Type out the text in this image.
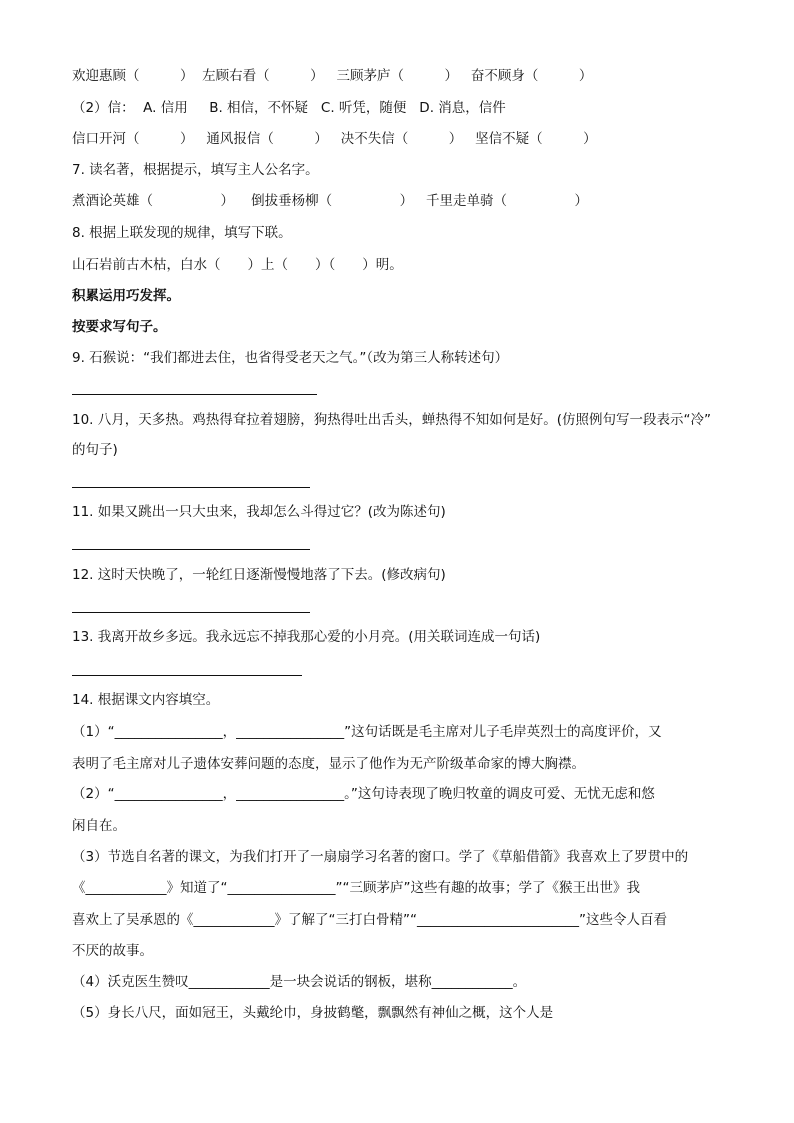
欢迎惠顾（　　　）  左顾右看（　　　）   三顾茅庐（　　　）   奋不顾身（　　　）
（2）信：  A. 信用     B. 相信，不怀疑   C. 听凭，随便   D. 消息，信件
信口开河（　　　）   通风报信（　　　）   决不失信（　　　）   坚信不疑（　　　）
7. 读名著，根据提示，填写主人公名字。
煮酒论英雄（　　　　　）    倒拔垂杨柳（　　　　　）   千里走单骑（　　　　　）
8. 根据上联发现的规律，填写下联。
山石岩前古木枯，白水（　　）上（　　）（　　）明。
积累运用巧发挥。
按要求写句子。
9. 石猴说：“我们都进去住，也省得受老天之气。”（改为第三人称转述句）
10. 八月，天多热。鸡热得耷拉着翅膀，狗热得吐出舌头，蝉热得不知如何是好。(仿照例句写一段表示“冷”
的句子)
11. 如果又跳出一只大虫来，我却怎么斗得过它？(改为陈述句)
12. 这时天快晚了，一轮红日逐渐慢慢地落了下去。(修改病句)
13. 我离开故乡多远。我永远忘不掉我那心爱的小月亮。(用关联词连成一句话)
14. 根据课文内容填空。
（1）“________________，________________”这句话既是毛主席对儿子毛岸英烈士的高度评价，又
表明了毛主席对儿子遗体安葬问题的态度，显示了他作为无产阶级革命家的博大胸襟。
（2）“________________，________________。”这句诗表现了晚归牧童的调皮可爱、无忧无虑和悠
闲自在。
（3）节选自名著的课文，为我们打开了一扇扇学习名著的窗口。学了《草船借箭》我喜欢上了罗贯中的
《____________》知道了“________________”“三顾茅庐”这些有趣的故事；学了《猴王出世》我
喜欢上了吴承恩的《____________》了解了“三打白骨精”“________________________”这些令人百看
不厌的故事。
（4）沃克医生赞叹____________是一块会说话的钢板，堪称____________。
（5）身长八尺，面如冠王，头戴纶巾，身披鹤氅，飘飘然有神仙之概，这个人是
